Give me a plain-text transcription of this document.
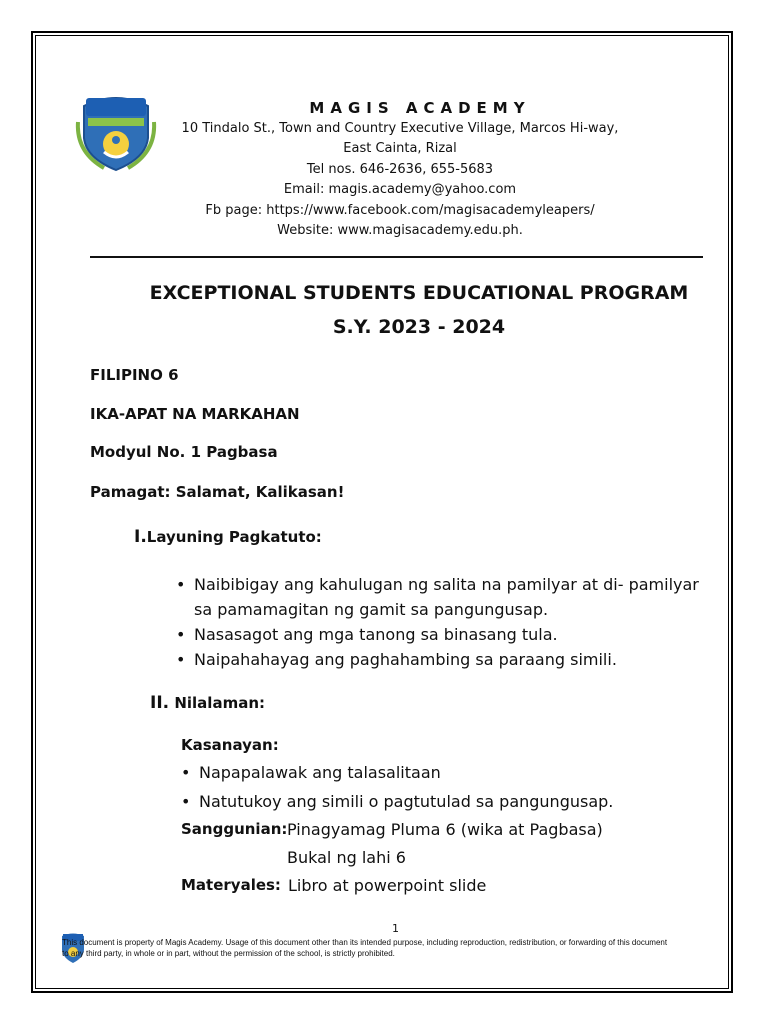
MAGIS ACADEMY
10 Tindalo St., Town and Country Executive Village, Marcos Hi-way,
East Cainta, Rizal
Tel nos. 646-2636, 655-5683
Email: magis.academy@yahoo.com
Fb page: https://www.facebook.com/magisacademyleapers/
Website: www.magisacademy.edu.ph.
EXCEPTIONAL STUDENTS EDUCATIONAL PROGRAM
S.Y. 2023 - 2024
FILIPINO 6
IKA-APAT NA MARKAHAN
Modyul No. 1 Pagbasa
Pamagat: Salamat, Kalikasan!
I.Layuning Pagkatuto:
• Naibibigay ang kahulugan ng salita na pamilyar at di- pamilyar
sa pamamagitan ng gamit sa pangungusap.
• Nasasagot ang mga tanong sa binasang tula.
• Naipahahayag ang paghahambing sa paraang simili.
II. Nilalaman:
Kasanayan:
• Napapalawak ang talasalitaan
• Natutukoy ang simili o pagtutulad sa pangungusap.
Sanggunian: Pinagyamag Pluma 6 (wika at Pagbasa)
Bukal ng lahi 6
Materyales: Libro at powerpoint slide
1
This document is property of Magis Academy. Usage of this document other than its intended purpose, including reproduction, redistribution, or forwarding of this document to any third party, in whole or in part, without the permission of the school, is strictly prohibited.
